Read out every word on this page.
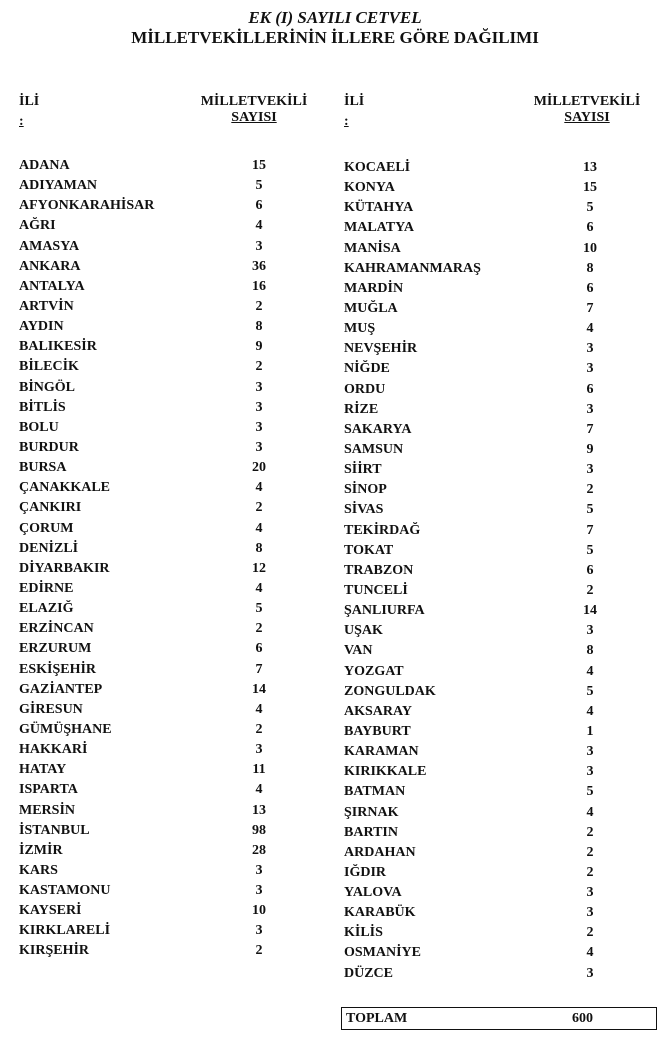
EK (I) SAYILI CETVEL
MİLLETVEKİLLERİNİN İLLERE GÖRE DAĞILIMI
İLİ
:
MİLLETVEKİLİ
SAYISI
ADANA	15
ADIYAMAN	5
AFYONKARAHİSAR	6
AĞRI	4
AMASYA	3
ANKARA	36
ANTALYA	16
ARTVİN	2
AYDIN	8
BALIKESİR	9
BİLECİK	2
BİNGÖL	3
BİTLİS	3
BOLU	3
BURDUR	3
BURSA	20
ÇANAKKALE	4
ÇANKIRI	2
ÇORUM	4
DENİZLİ	8
DİYARBAKIR	12
EDİRNE	4
ELAZIĞ	5
ERZİNCAN	2
ERZURUM	6
ESKİŞEHİR	7
GAZİANTEP	14
GİRESUN	4
GÜMÜŞHANE	2
HAKKARİ	3
HATAY	11
ISPARTA	4
MERSİN	13
İSTANBUL	98
İZMİR	28
KARS	3
KASTAMONU	3
KAYSERİ	10
KIRKLARELİ	3
KIRŞEHİR	2
İLİ
:
MİLLETVEKİLİ
SAYISI
KOCAELİ	13
KONYA	15
KÜTAHYA	5
MALATYA	6
MANİSA	10
KAHRAMANMARAŞ	8
MARDİN	6
MUĞLA	7
MUŞ	4
NEVŞEHİR	3
NİĞDE	3
ORDU	6
RİZE	3
SAKARYA	7
SAMSUN	9
SİİRT	3
SİNOP	2
SİVAS	5
TEKİRDAĞ	7
TOKAT	5
TRABZON	6
TUNCELİ	2
ŞANLIURFA	14
UŞAK	3
VAN	8
YOZGAT	4
ZONGULDAK	5
AKSARAY	4
BAYBURT	1
KARAMAN	3
KIRIKKALE	3
BATMAN	5
ŞIRNAK	4
BARTIN	2
ARDAHAN	2
IĞDIR	2
YALOVA	3
KARABÜK	3
KİLİS	2
OSMANİYE	4
DÜZCE	3
TOPLAM	600
